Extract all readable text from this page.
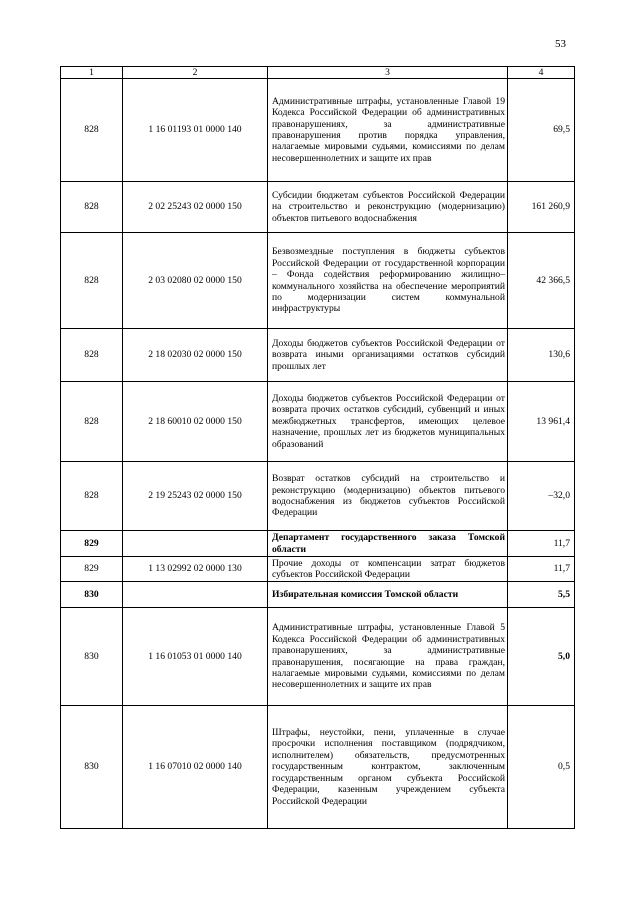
53
1	2	3	4
828	1 16 01193 01 0000 140	Административные штрафы, установленные Главой 19 Кодекса Российской Федерации об административных правонарушениях, за административные правонарушения против порядка управления, налагаемые мировыми судьями, комиссиями по делам несовершеннолетних и защите их прав	69,5
828	2 02 25243 02 0000 150	Субсидии бюджетам субъектов Российской Федерации на строительство и реконструкцию (модернизацию) объектов питьевого водоснабжения	161 260,9
828	2 03 02080 02 0000 150	Безвозмездные поступления в бюджеты субъектов Российской Федерации от государственной корпорации – Фонда содействия реформированию жилищно–коммунального хозяйства на обеспечение мероприятий по модернизации систем коммунальной инфраструктуры	42 366,5
828	2 18 02030 02 0000 150	Доходы бюджетов субъектов Российской Федерации от возврата иными организациями остатков субсидий прошлых лет	130,6
828	2 18 60010 02 0000 150	Доходы бюджетов субъектов Российской Федерации от возврата прочих остатков субсидий, субвенций и иных межбюджетных трансфертов, имеющих целевое назначение, прошлых лет из бюджетов муниципальных образований	13 961,4
828	2 19 25243 02 0000 150	Возврат остатков субсидий на строительство и реконструкцию (модернизацию) объектов питьевого водоснабжения из бюджетов субъектов Российской Федерации	–32,0
829		Департамент государственного заказа Томской области	11,7
829	1 13 02992 02 0000 130	Прочие доходы от компенсации затрат бюджетов субъектов Российской Федерации	11,7
830		Избирательная комиссия Томской области	5,5
830	1 16 01053 01 0000 140	Административные штрафы, установленные Главой 5 Кодекса Российской Федерации об административных правонарушениях, за административные правонарушения, посягающие на права граждан, налагаемые мировыми судьями, комиссиями по делам несовершеннолетних и защите их прав	5,0
830	1 16 07010 02 0000 140	Штрафы, неустойки, пени, уплаченные в случае просрочки исполнения поставщиком (подрядчиком, исполнителем) обязательств, предусмотренных государственным контрактом, заключенным государственным органом субъекта Российской Федерации, казенным учреждением субъекта Российской Федерации	0,5
